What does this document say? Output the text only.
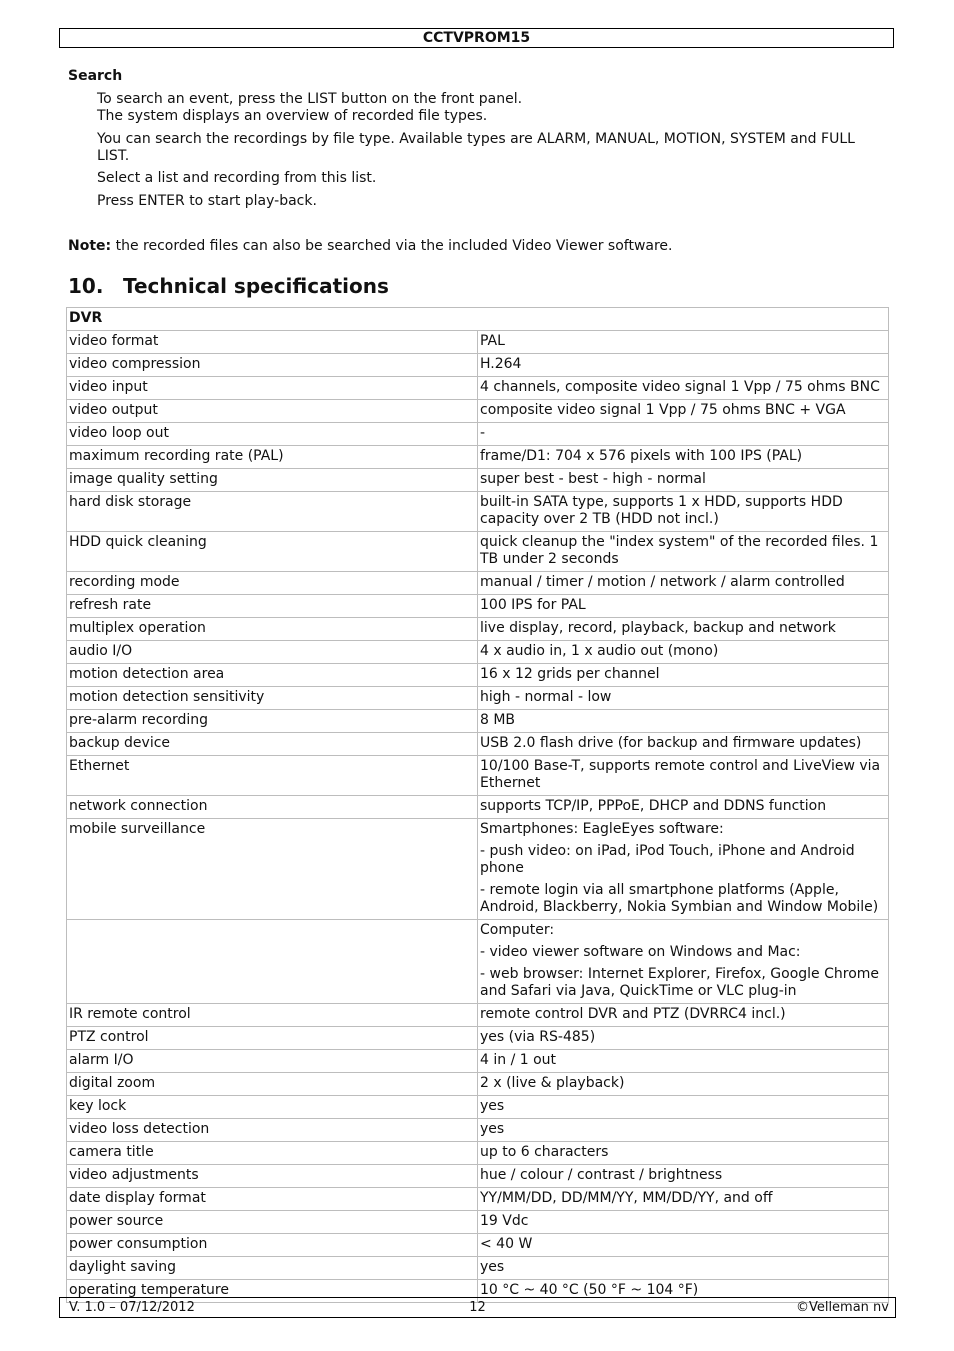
CCTVPROM15
Search
To search an event, press the LIST button on the front panel.
The system displays an overview of recorded file types.
You can search the recordings by file type. Available types are ALARM, MANUAL, MOTION, SYSTEM and FULL LIST.
Select a list and recording from this list.
Press ENTER to start play-back.
Note: the recorded files can also be searched via the included Video Viewer software.
10. Technical specifications
DVR	
video format	PAL

video compression	H.264

video input	4 channels, composite video signal 1 Vpp / 75 ohms BNC

video output	composite video signal 1 Vpp / 75 ohms BNC + VGA

video loop out	-

maximum recording rate (PAL)	frame/D1: 704 x 576 pixels with 100 IPS (PAL)

image quality setting	super best - best - high - normal

hard disk storage	built-in SATA type, supports 1 x HDD, supports HDD capacity over 2 TB (HDD not incl.)

HDD quick cleaning	quick cleanup the "index system" of the recorded files. 1 TB under 2 seconds

recording mode	manual / timer / motion / network / alarm controlled

refresh rate	100 IPS for PAL

multiplex operation	live display, record, playback, backup and network

audio I/O	4 x audio in, 1 x audio out (mono)

motion detection area	16 x 12 grids per channel

motion detection sensitivity	high - normal - low

pre-alarm recording	8 MB

backup device	USB 2.0 flash drive (for backup and firmware updates)

Ethernet	10/100 Base-T, supports remote control and LiveView via Ethernet

network connection	supports TCP/IP, PPPoE, DHCP and DDNS function

mobile surveillance	Smartphones: EagleEyes software:
- push video: on iPad, iPod Touch, iPhone and Android phone
- remote login via all smartphone platforms (Apple, Android, Blackberry, Nokia Symbian and Window Mobile)

	Computer:
- video viewer software on Windows and Mac:
- web browser: Internet Explorer, Firefox, Google Chrome and Safari via Java, QuickTime or VLC plug-in

IR remote control	remote control DVR and PTZ (DVRRC4 incl.)

PTZ control	yes (via RS-485)

alarm I/O	4 in / 1 out

digital zoom	2 x (live & playback)

key lock	yes

video loss detection	yes

camera title	up to 6 characters

video adjustments	hue / colour / contrast / brightness

date display format	YY/MM/DD, DD/MM/YY, MM/DD/YY, and off

power source	19 Vdc

power consumption	< 40 W

daylight saving	yes

operating temperature	10 °C ~ 40 °C (50 °F ~ 104 °F)
V. 1.0 – 07/12/2012	12	©Velleman nv
